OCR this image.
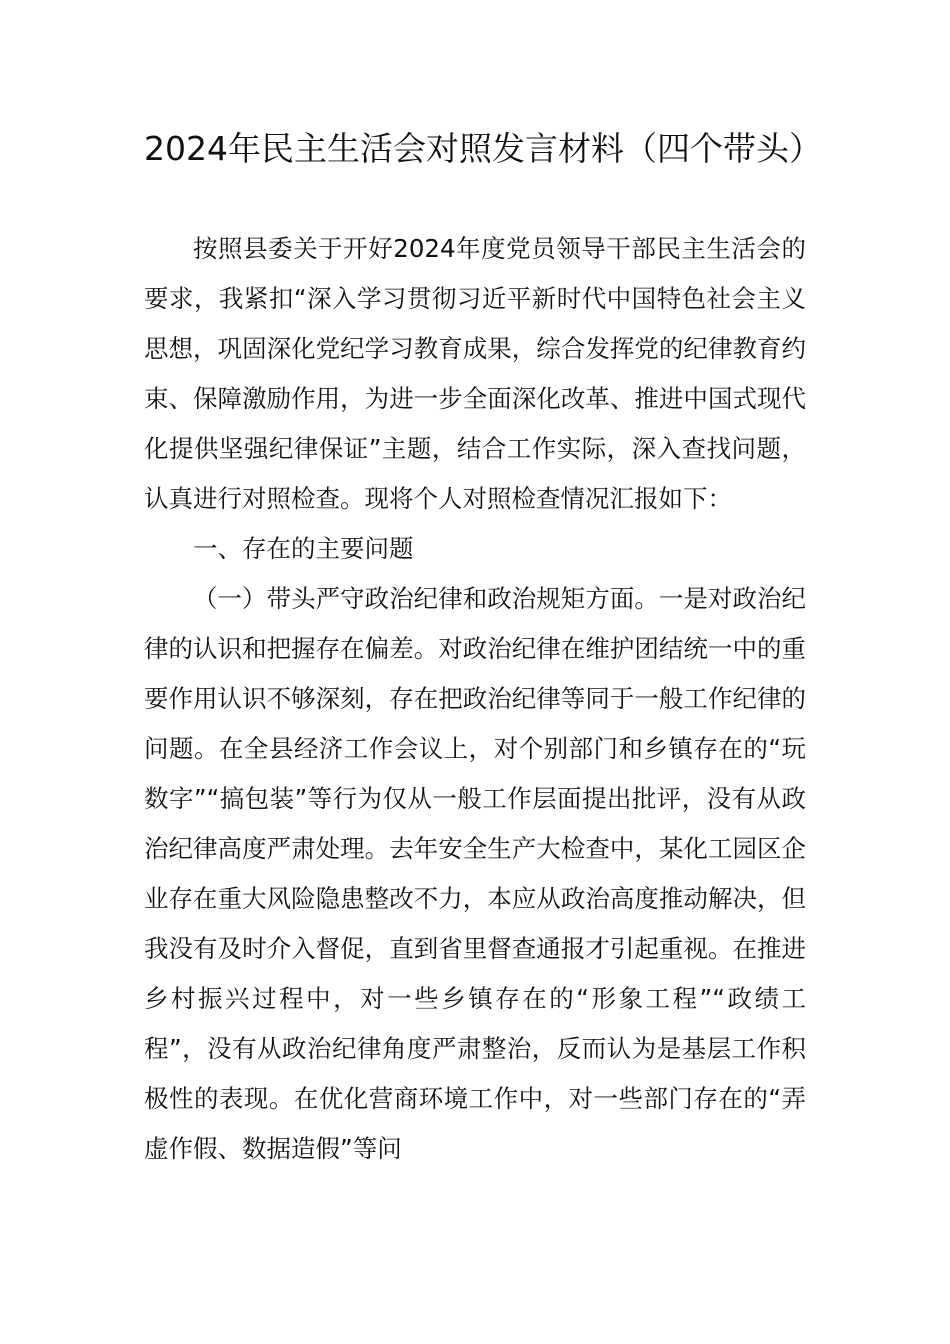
2024年民主生活会对照发言材料（四个带头）

按照县委关于开好2024年度党员领导干部民主生活会的要求，我紧扣“深入学习贯彻习近平新时代中国特色社会主义思想，巩固深化党纪学习教育成果，综合发挥党的纪律教育约束、保障激励作用，为进一步全面深化改革、推进中国式现代化提供坚强纪律保证”主题，结合工作实际，深入查找问题，认真进行对照检查。现将个人对照检查情况汇报如下：

一、存在的主要问题

（一）带头严守政治纪律和政治规矩方面。一是对政治纪律的认识和把握存在偏差。对政治纪律在维护团结统一中的重要作用认识不够深刻，存在把政治纪律等同于一般工作纪律的问题。在全县经济工作会议上，对个别部门和乡镇存在的“玩数字”“搞包装”等行为仅从一般工作层面提出批评，没有从政治纪律高度严肃处理。去年安全生产大检查中，某化工园区企业存在重大风险隐患整改不力，本应从政治高度推动解决，但我没有及时介入督促，直到省里督查通报才引起重视。在推进乡村振兴过程中，对一些乡镇存在的“形象工程”“政绩工程”，没有从政治纪律角度严肃整治，反而认为是基层工作积极性的表现。在优化营商环境工作中，对一些部门存在的“弄虚作假、数据造假”等问
